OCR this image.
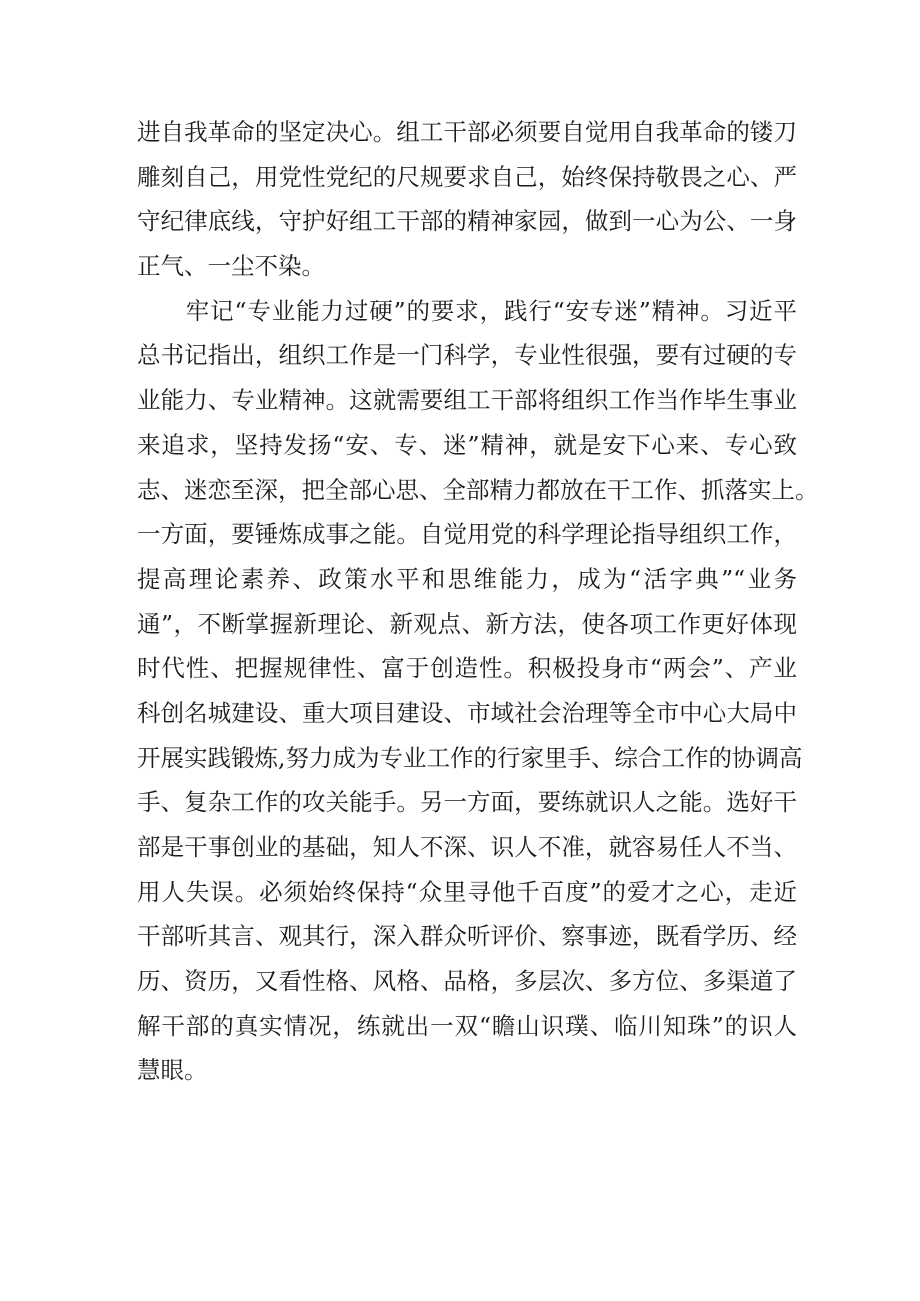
进自我革命的坚定决心。组工干部必须要自觉用自我革命的镂刀
雕刻自己，用党性党纪的尺规要求自己，始终保持敬畏之心、严
守纪律底线，守护好组工干部的精神家园，做到一心为公、一身
正气、一尘不染。
　　牢记“专业能力过硬”的要求，践行“安专迷”精神。习近平
总书记指出，组织工作是一门科学，专业性很强，要有过硬的专
业能力、专业精神。这就需要组工干部将组织工作当作毕生事业
来追求，坚持发扬“安、专、迷”精神，就是安下心来、专心致
志、迷恋至深，把全部心思、全部精力都放在干工作、抓落实上。
一方面，要锤炼成事之能。自觉用党的科学理论指导组织工作，
提高理论素养、政策水平和思维能力，成为“活字典”“业务
通”，不断掌握新理论、新观点、新方法，使各项工作更好体现
时代性、把握规律性、富于创造性。积极投身市“两会”、产业
科创名城建设、重大项目建设、市域社会治理等全市中心大局中
开展实践锻炼,努力成为专业工作的行家里手、综合工作的协调高
手、复杂工作的攻关能手。另一方面，要练就识人之能。选好干
部是干事创业的基础，知人不深、识人不准，就容易任人不当、
用人失误。必须始终保持“众里寻他千百度”的爱才之心，走近
干部听其言、观其行，深入群众听评价、察事迹，既看学历、经
历、资历，又看性格、风格、品格，多层次、多方位、多渠道了
解干部的真实情况，练就出一双“瞻山识璞、临川知珠”的识人
慧眼。
